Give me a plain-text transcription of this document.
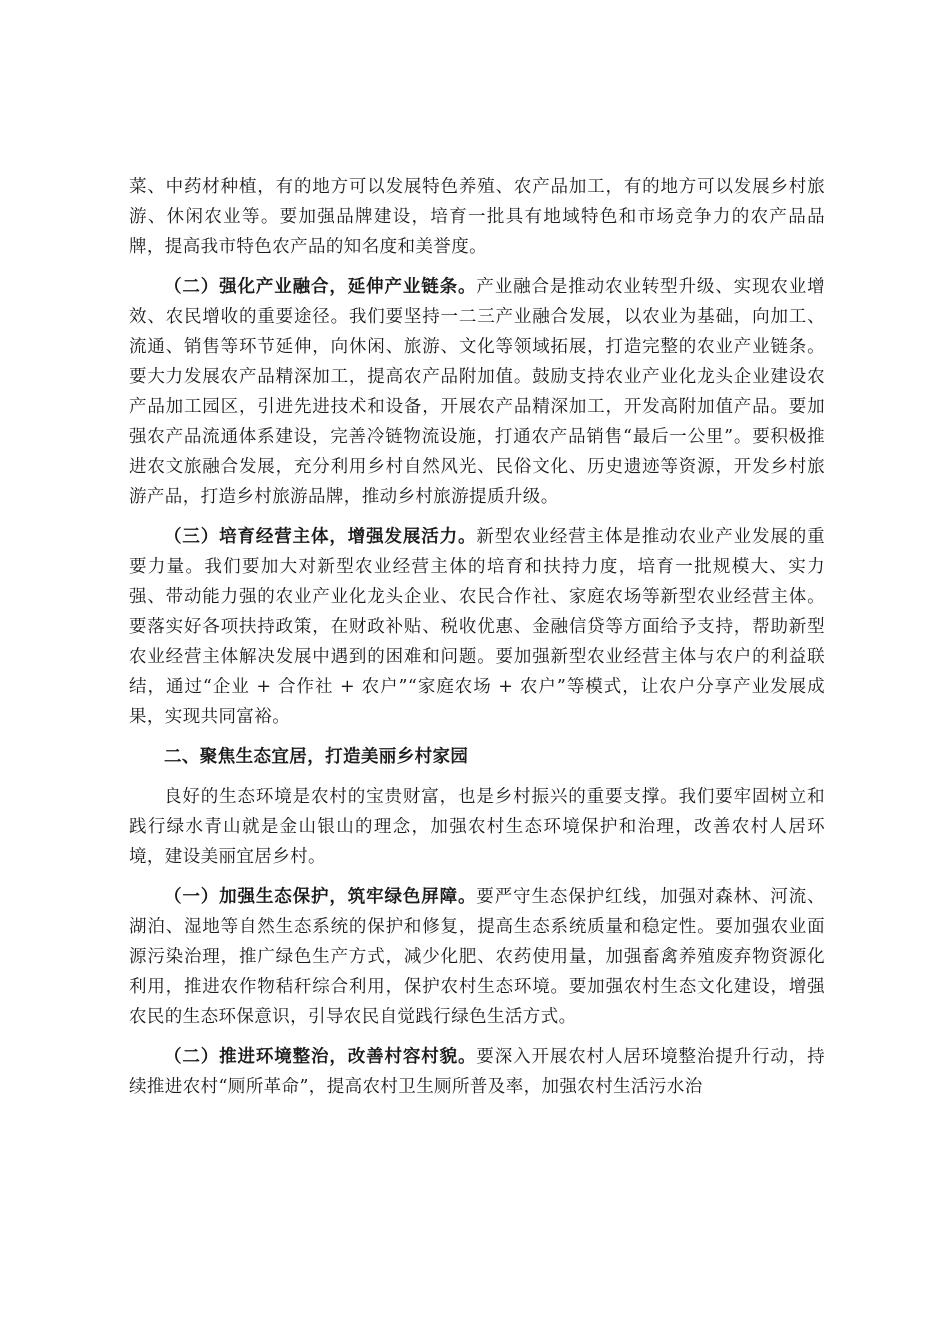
菜、中药材种植，有的地方可以发展特色养殖、农产品加工，有的地方可以发展乡村旅游、休闲农业等。要加强品牌建设，培育一批具有地域特色和市场竞争力的农产品品牌，提高我市特色农产品的知名度和美誉度。

（二）强化产业融合，延伸产业链条。产业融合是推动农业转型升级、实现农业增效、农民增收的重要途径。我们要坚持一二三产业融合发展，以农业为基础，向加工、流通、销售等环节延伸，向休闲、旅游、文化等领域拓展，打造完整的农业产业链条。要大力发展农产品精深加工，提高农产品附加值。鼓励支持农业产业化龙头企业建设农产品加工园区，引进先进技术和设备，开展农产品精深加工，开发高附加值产品。要加强农产品流通体系建设，完善冷链物流设施，打通农产品销售“最后一公里”。要积极推进农文旅融合发展，充分利用乡村自然风光、民俗文化、历史遗迹等资源，开发乡村旅游产品，打造乡村旅游品牌，推动乡村旅游提质升级。

（三）培育经营主体，增强发展活力。新型农业经营主体是推动农业产业发展的重要力量。我们要加大对新型农业经营主体的培育和扶持力度，培育一批规模大、实力强、带动能力强的农业产业化龙头企业、农民合作社、家庭农场等新型农业经营主体。要落实好各项扶持政策，在财政补贴、税收优惠、金融信贷等方面给予支持，帮助新型农业经营主体解决发展中遇到的困难和问题。要加强新型农业经营主体与农户的利益联结，通过“企业 + 合作社 + 农户”“家庭农场 + 农户”等模式，让农户分享产业发展成果，实现共同富裕。

二、聚焦生态宜居，打造美丽乡村家园

良好的生态环境是农村的宝贵财富，也是乡村振兴的重要支撑。我们要牢固树立和践行绿水青山就是金山银山的理念，加强农村生态环境保护和治理，改善农村人居环境，建设美丽宜居乡村。

（一）加强生态保护，筑牢绿色屏障。要严守生态保护红线，加强对森林、河流、湖泊、湿地等自然生态系统的保护和修复，提高生态系统质量和稳定性。要加强农业面源污染治理，推广绿色生产方式，减少化肥、农药使用量，加强畜禽养殖废弃物资源化利用，推进农作物秸秆综合利用，保护农村生态环境。要加强农村生态文化建设，增强农民的生态环保意识，引导农民自觉践行绿色生活方式。

（二）推进环境整治，改善村容村貌。要深入开展农村人居环境整治提升行动，持续推进农村“厕所革命”，提高农村卫生厕所普及率，加强农村生活污水治
